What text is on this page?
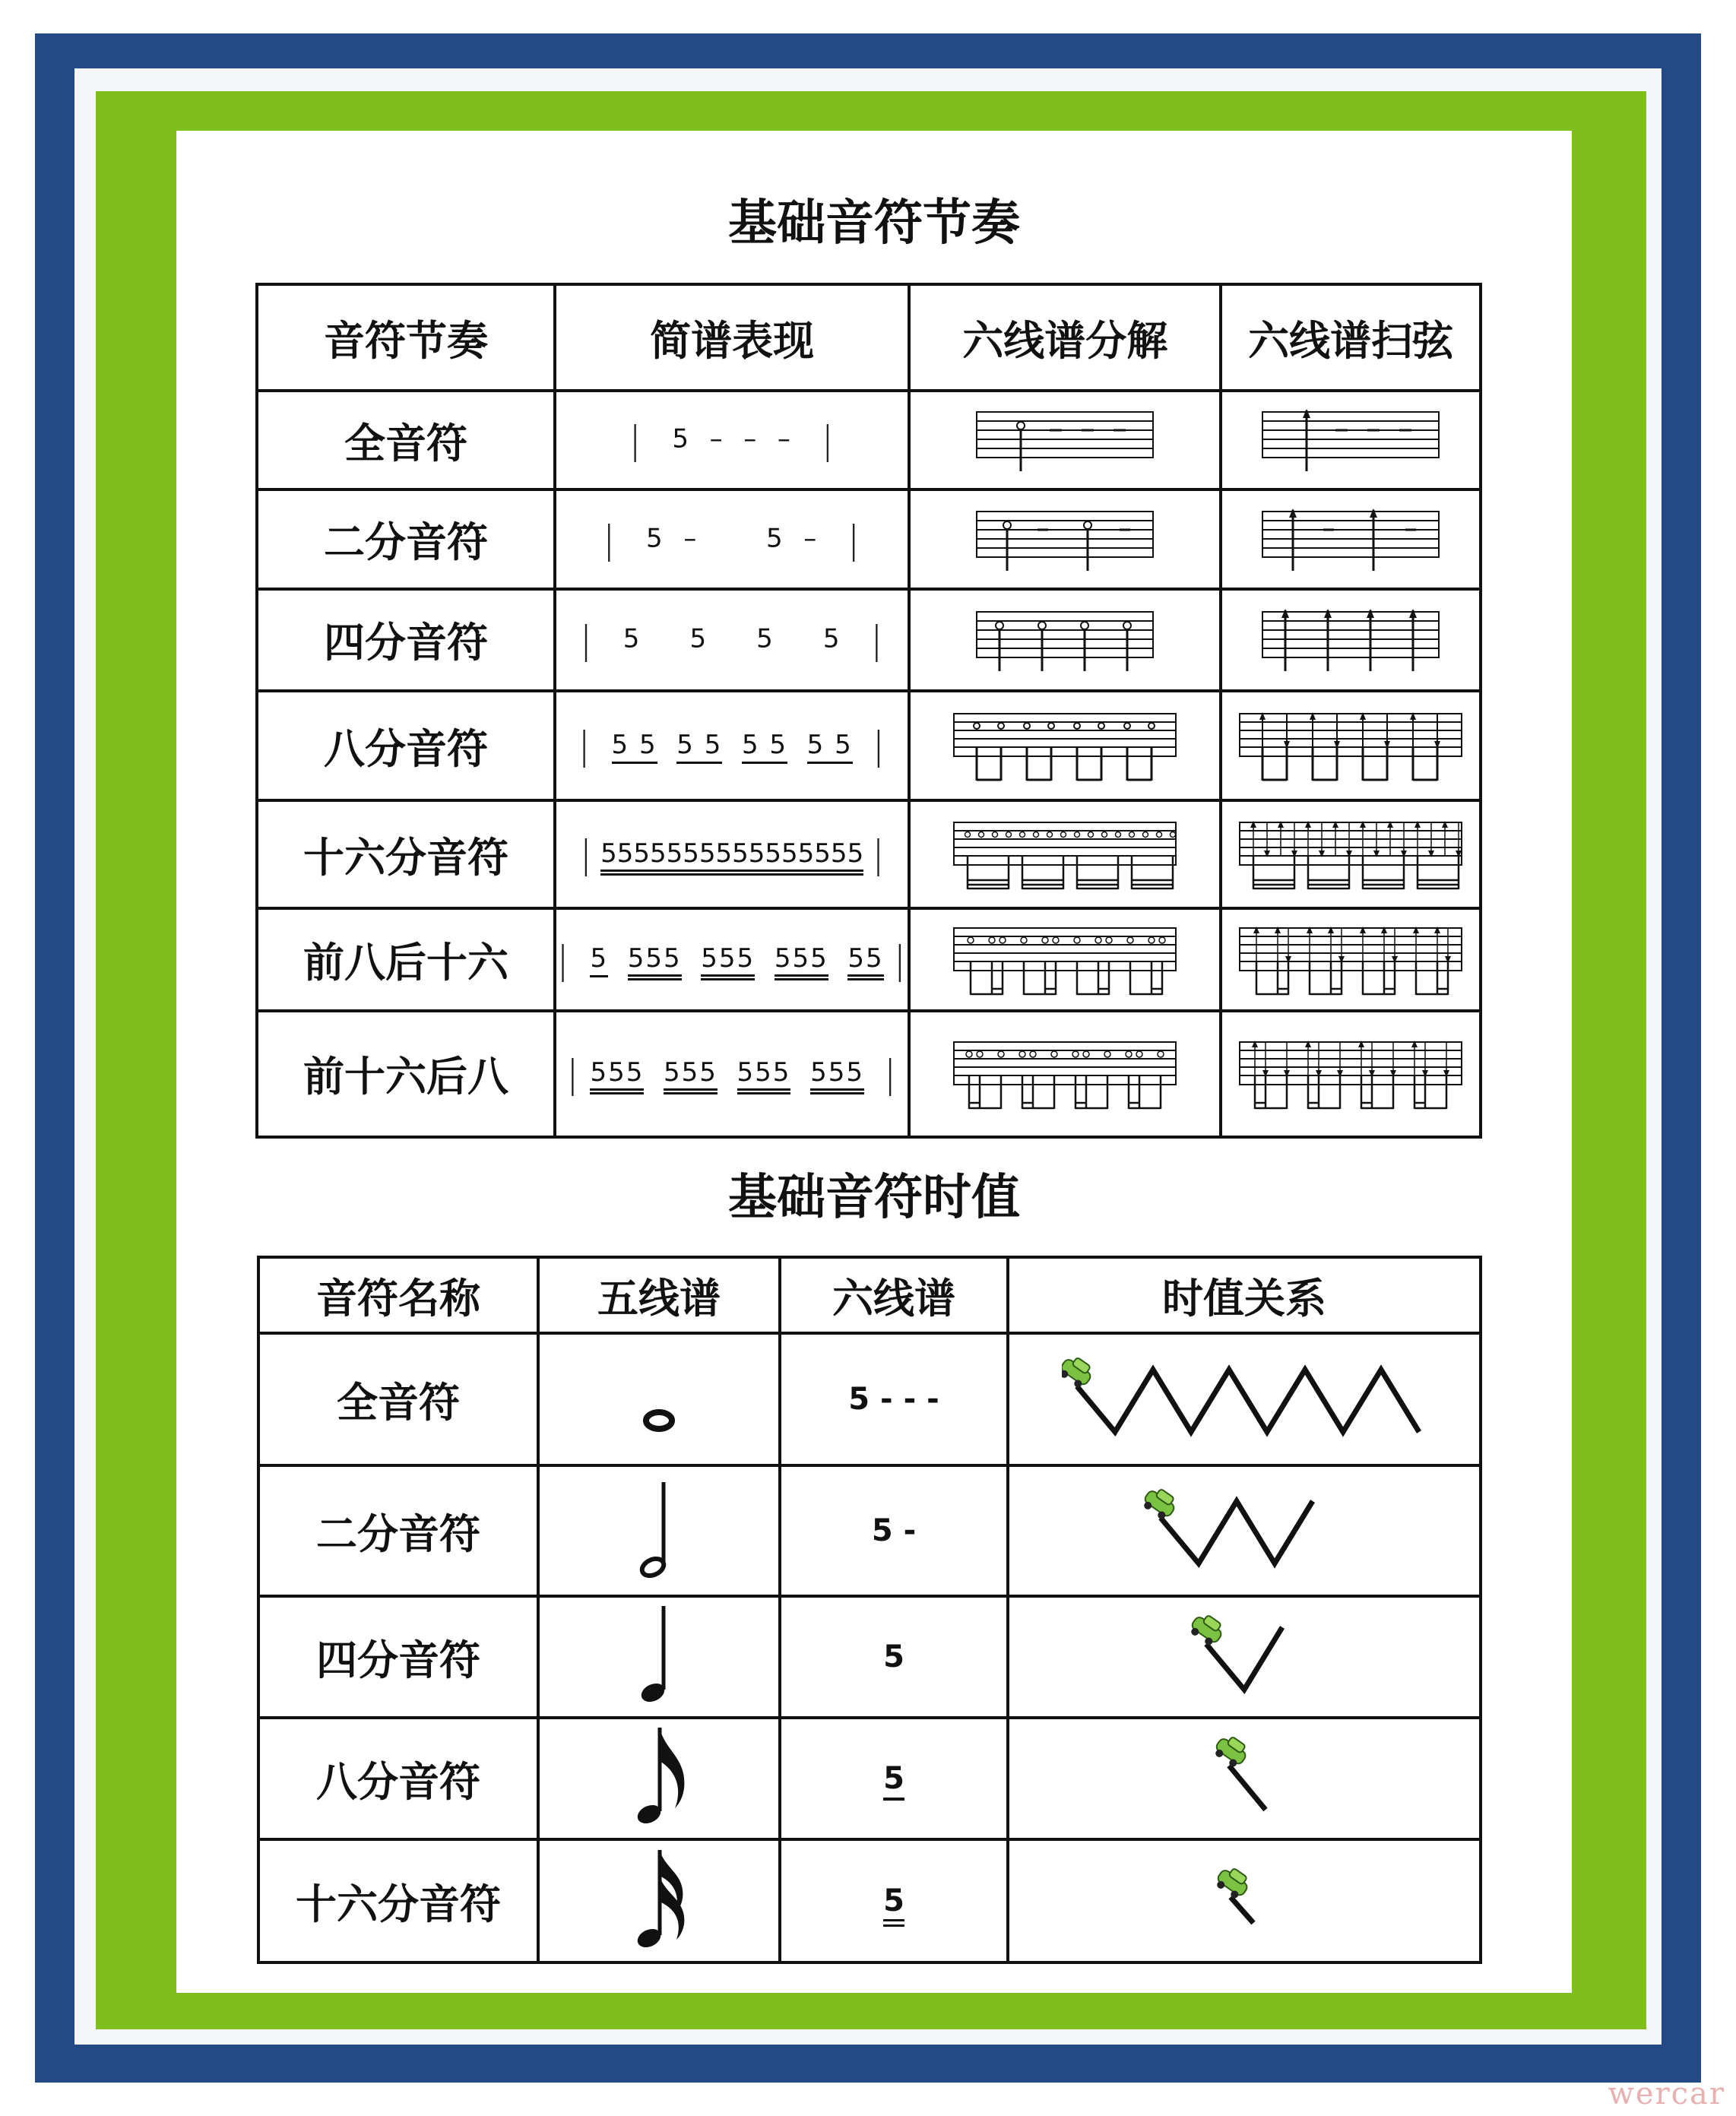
基础音符节奏
音符节奏	简谱表现	六线谱分解	六线谱扫弦
全音符	| 5 – – – |	

二分音符	| 5 – 5 – |	

四分音符	| 5 5 5 5 |	

八分音符	| 5 5 5 5 5 5 5 5 |	

十六分音符	| 5555555555555555 |	

前八后十六	| 5 555 555 555 55 |	

前十六后八	| 555 555 555 555 |	

基础音符时值
音符名称	五线谱	六线谱	时值关系
全音符		5 - - -	
二分音符		5 -	
四分音符		5	
八分音符		5	
十六分音符		5	
wercar
